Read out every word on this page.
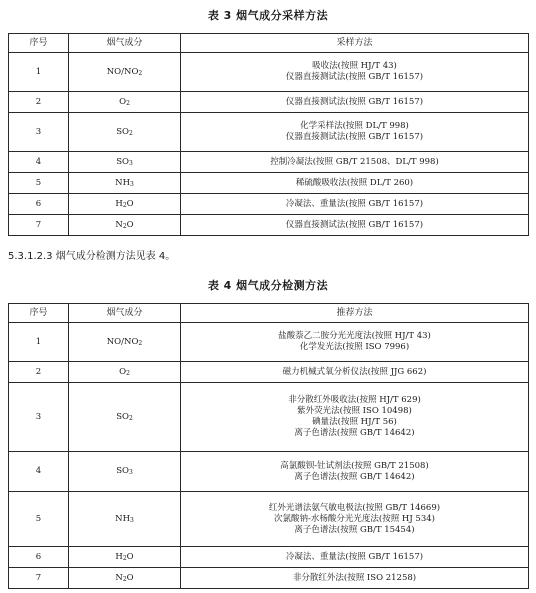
表 3 烟气成分采样方法
序号	烟气成分	采样方法
1	$NO/NO_2$	吸收法(按照 HJ/T 43)
仪器直接测试法(按照 GB/T 16157)

2	$O_2$	仪器直接测试法(按照 GB/T 16157)

3	$SO_2$	化学采样法(按照 DL/T 998)
仪器直接测试法(按照 GB/T 16157)

4	$SO_3$	控制冷凝法(按照 GB/T 21508、DL/T 998)

5	$NH_3$	稀硫酸吸收法(按照 DL/T 260)

6	$H_2O$	冷凝法、重量法(按照 GB/T 16157)

7	$N_2O$	仪器直接测试法(按照 GB/T 16157)
5.3.1.2.3 烟气成分检测方法见表 4。
表 4 烟气成分检测方法
序号	烟气成分	推荐方法
1	$NO/NO_2$	盐酸萘乙二胺分光光度法(按照 HJ/T 43)
化学发光法(按照 ISO 7996)

2	$O_2$	磁力机械式氧分析仪法(按照 JJG 662)

3	$SO_2$	非分散红外吸收法(按照 HJ/T 629)
紫外荧光法(按照 ISO 10498)
碘量法(按照 HJ/T 56)
离子色谱法(按照 GB/T 14642)

4	$SO_3$	高氯酸钡-钍试剂法(按照 GB/T 21508)
离子色谱法(按照 GB/T 14642)

5	$NH_3$	红外光谱法氨气敏电极法(按照 GB/T 14669)
次氯酸钠-水杨酸分光光度法(按照 HJ 534)
离子色谱法(按照 GB/T 15454)

6	$H_2O$	冷凝法、重量法(按照 GB/T 16157)

7	$N_2O$	非分散红外法(按照 ISO 21258)
